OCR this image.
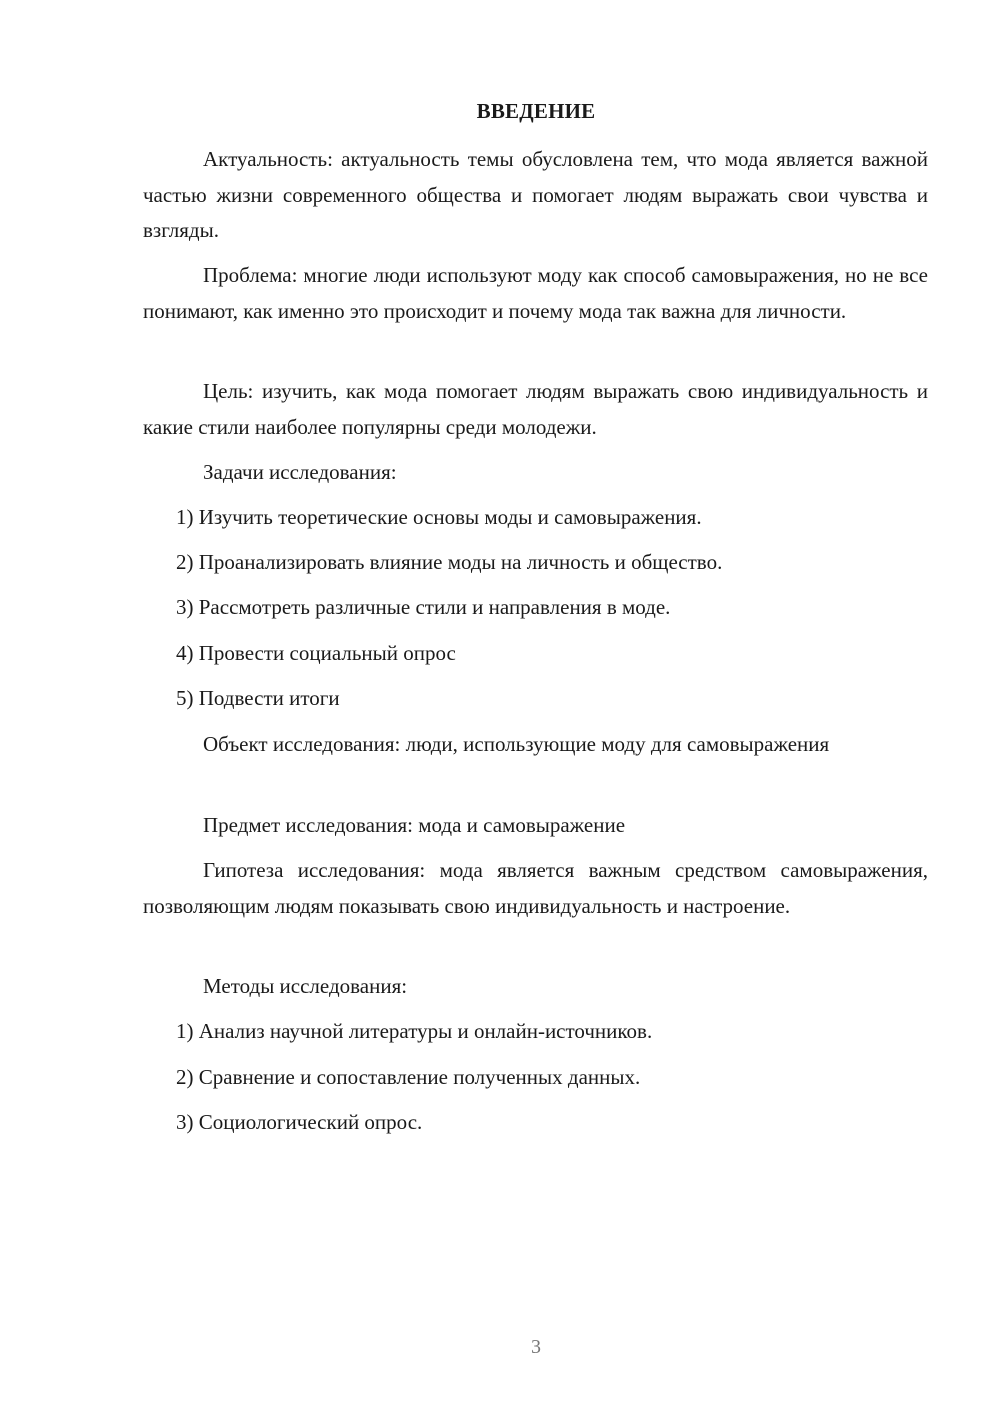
ВВЕДЕНИЕ

Актуальность: актуальность темы обусловлена тем, что мода является важной частью жизни современного общества и помогает людям выражать свои чувства и взгляды.

Проблема: многие люди используют моду как способ самовыражения, но не все понимают, как именно это происходит и почему мода так важна для личности.

Цель: изучить, как мода помогает людям выражать свою индивидуальность и какие стили наиболее популярны среди молодежи.

Задачи исследования:
1) Изучить теоретические основы моды и самовыражения.
2) Проанализировать влияние моды на личность и общество.
3) Рассмотреть различные стили и направления в моде.
4) Провести социальный опрос
5) Подвести итоги

Объект исследования: люди, использующие моду для самовыражения

Предмет исследования: мода и самовыражение

Гипотеза исследования: мода является важным средством самовыражения, позволяющим людям показывать свою индивидуальность и настроение.

Методы исследования:
1) Анализ научной литературы и онлайн-источников.
2) Сравнение и сопоставление полученных данных.
3) Социологический опрос.
3
